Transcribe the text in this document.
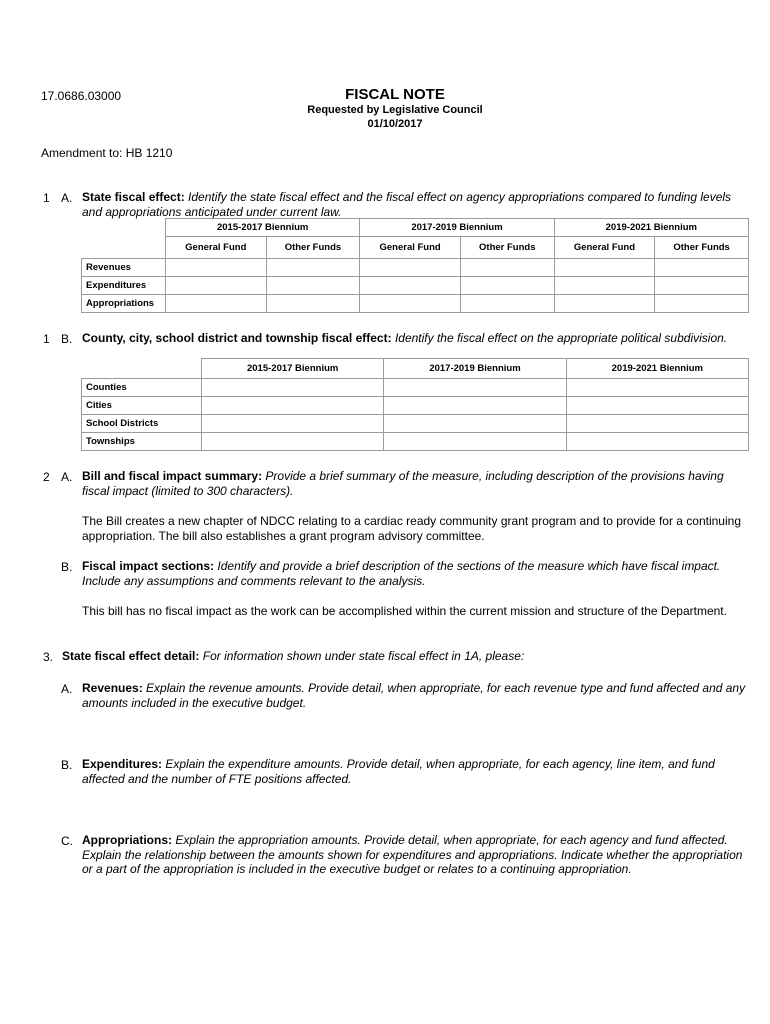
17.0686.03000	FISCAL NOTE
Requested by Legislative Council
01/10/2017
Amendment to: HB 1210
1 A. State fiscal effect: Identify the state fiscal effect and the fiscal effect on agency appropriations compared to funding levels and appropriations anticipated under current law.
	2015-2017 Biennium		2017-2019 Biennium		2019-2021 Biennium	
	General Fund	Other Funds	General Fund	Other Funds	General Fund	Other Funds
Revenues						
Expenditures						
Appropriations						
1 B. County, city, school district and township fiscal effect: Identify the fiscal effect on the appropriate political subdivision.
	2015-2017 Biennium	2017-2019 Biennium	2019-2021 Biennium
Counties			
Cities			
School Districts			
Townships			
2 A. Bill and fiscal impact summary: Provide a brief summary of the measure, including description of the provisions having fiscal impact (limited to 300 characters).
The Bill creates a new chapter of NDCC relating to a cardiac ready community grant program and to provide for a continuing appropriation. The bill also establishes a grant program advisory committee.
B. Fiscal impact sections: Identify and provide a brief description of the sections of the measure which have fiscal impact. Include any assumptions and comments relevant to the analysis.
This bill has no fiscal impact as the work can be accomplished within the current mission and structure of the Department.
3. State fiscal effect detail: For information shown under state fiscal effect in 1A, please:
A. Revenues: Explain the revenue amounts. Provide detail, when appropriate, for each revenue type and fund affected and any amounts included in the executive budget.
B. Expenditures: Explain the expenditure amounts. Provide detail, when appropriate, for each agency, line item, and fund affected and the number of FTE positions affected.
C. Appropriations: Explain the appropriation amounts. Provide detail, when appropriate, for each agency and fund affected. Explain the relationship between the amounts shown for expenditures and appropriations. Indicate whether the appropriation or a part of the appropriation is included in the executive budget or relates to a continuing appropriation.
